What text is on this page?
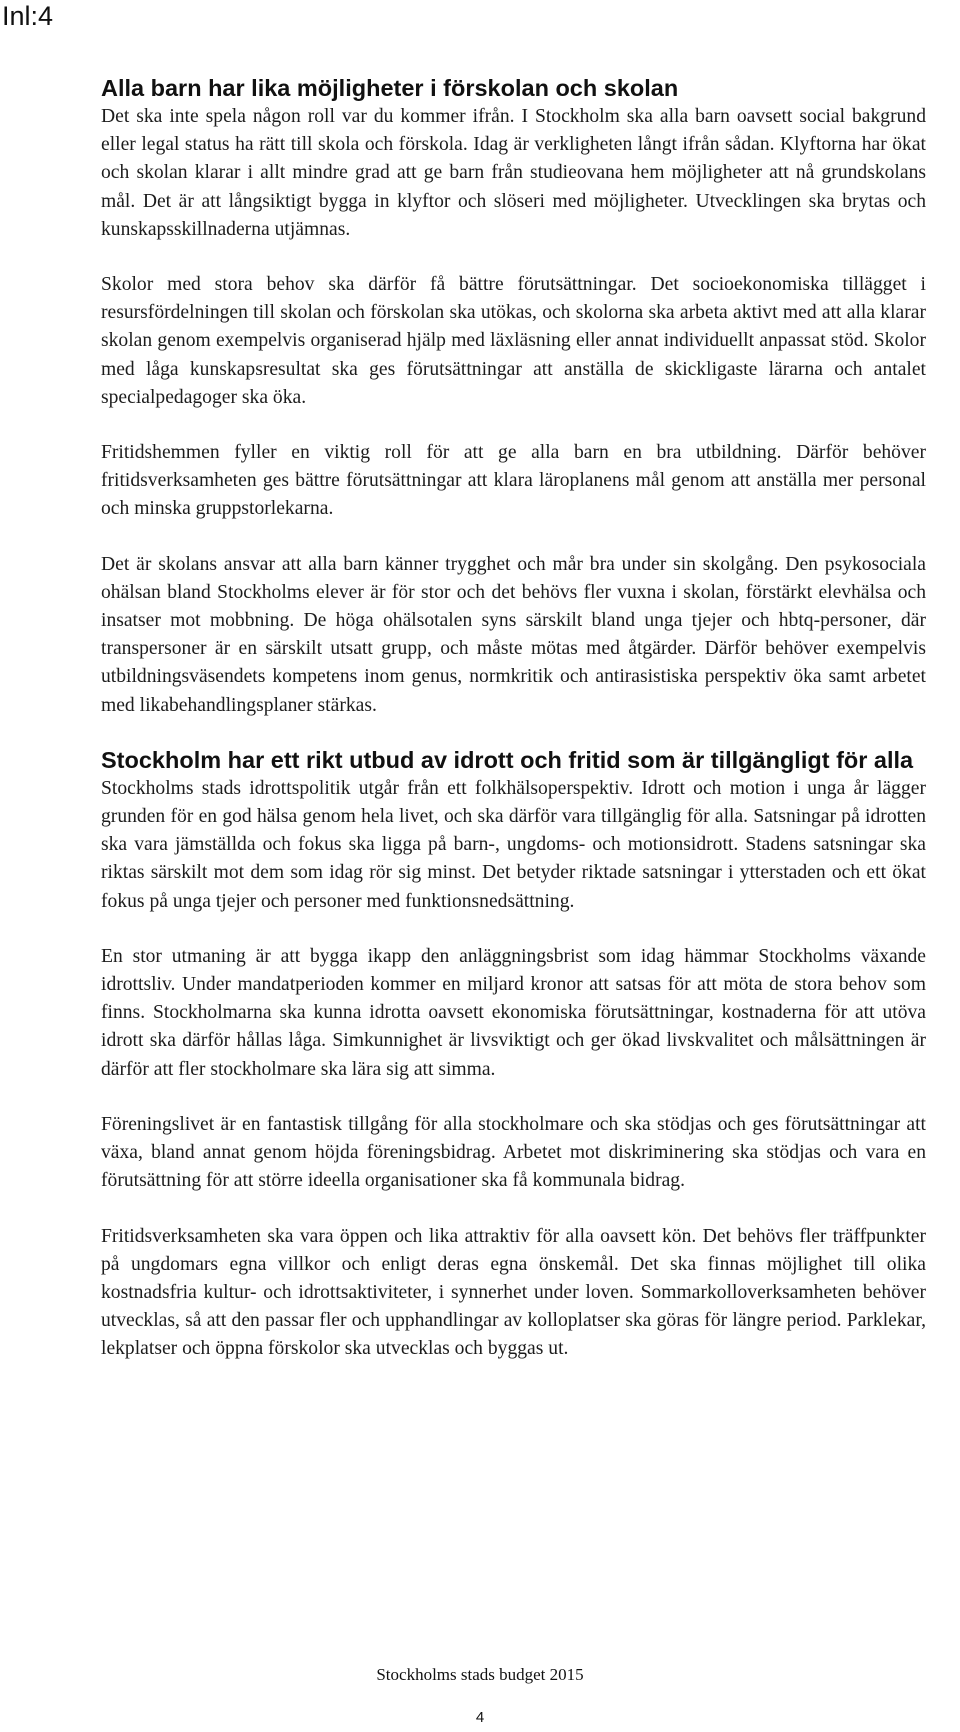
Inl:4
Alla barn har lika möjligheter i förskolan och skolan

Det ska inte spela någon roll var du kommer ifrån. I Stockholm ska alla barn oavsett social bakgrund eller legal status ha rätt till skola och förskola. Idag är verkligheten långt ifrån sådan. Klyftorna har ökat och skolan klarar i allt mindre grad att ge barn från studieovana hem möjligheter att nå grundskolans mål. Det är att långsiktigt bygga in klyftor och slöseri med möjligheter. Utvecklingen ska brytas och kunskapsskillnaderna utjämnas.

Skolor med stora behov ska därför få bättre förutsättningar. Det socioekonomiska tillägget i resursfördelningen till skolan och förskolan ska utökas, och skolorna ska arbeta aktivt med att alla klarar skolan genom exempelvis organiserad hjälp med läxläsning eller annat individuellt anpassat stöd. Skolor med låga kunskapsresultat ska ges förutsättningar att anställa de skickligaste lärarna och antalet specialpedagoger ska öka.

Fritidshemmen fyller en viktig roll för att ge alla barn en bra utbildning. Därför behöver fritidsverksamheten ges bättre förutsättningar att klara läroplanens mål genom att anställa mer personal och minska gruppstorlekarna.

Det är skolans ansvar att alla barn känner trygghet och mår bra under sin skolgång. Den psykosociala ohälsan bland Stockholms elever är för stor och det behövs fler vuxna i skolan, förstärkt elevhälsa och insatser mot mobbning. De höga ohälsotalen syns särskilt bland unga tjejer och hbtq-personer, där transpersoner är en särskilt utsatt grupp, och måste mötas med åtgärder. Därför behöver exempelvis utbildningsväsendets kompetens inom genus, normkritik och antirasistiska perspektiv öka samt arbetet med likabehandlingsplaner stärkas.

Stockholm har ett rikt utbud av idrott och fritid som är tillgängligt för alla

Stockholms stads idrottspolitik utgår från ett folkhälsoperspektiv. Idrott och motion i unga år lägger grunden för en god hälsa genom hela livet, och ska därför vara tillgänglig för alla. Satsningar på idrotten ska vara jämställda och fokus ska ligga på barn-, ungdoms- och motionsidrott. Stadens satsningar ska riktas särskilt mot dem som idag rör sig minst. Det betyder riktade satsningar i ytterstaden och ett ökat fokus på unga tjejer och personer med funktionsnedsättning.

En stor utmaning är att bygga ikapp den anläggningsbrist som idag hämmar Stockholms växande idrottsliv. Under mandatperioden kommer en miljard kronor att satsas för att möta de stora behov som finns. Stockholmarna ska kunna idrotta oavsett ekonomiska förutsättningar, kostnaderna för att utöva idrott ska därför hållas låga. Simkunnighet är livsviktigt och ger ökad livskvalitet och målsättningen är därför att fler stockholmare ska lära sig att simma.

Föreningslivet är en fantastisk tillgång för alla stockholmare och ska stödjas och ges förutsättningar att växa, bland annat genom höjda föreningsbidrag. Arbetet mot diskriminering ska stödjas och vara en förutsättning för att större ideella organisationer ska få kommunala bidrag.

Fritidsverksamheten ska vara öppen och lika attraktiv för alla oavsett kön. Det behövs fler träffpunkter på ungdomars egna villkor och enligt deras egna önskemål. Det ska finnas möjlighet till olika kostnadsfria kultur- och idrottsaktiviteter, i synnerhet under loven. Sommarkolloverksamheten behöver utvecklas, så att den passar fler och upphandlingar av kolloplatser ska göras för längre period. Parklekar, lekplatser och öppna förskolor ska utvecklas och byggas ut.

Stockholms stads budget 2015
4
